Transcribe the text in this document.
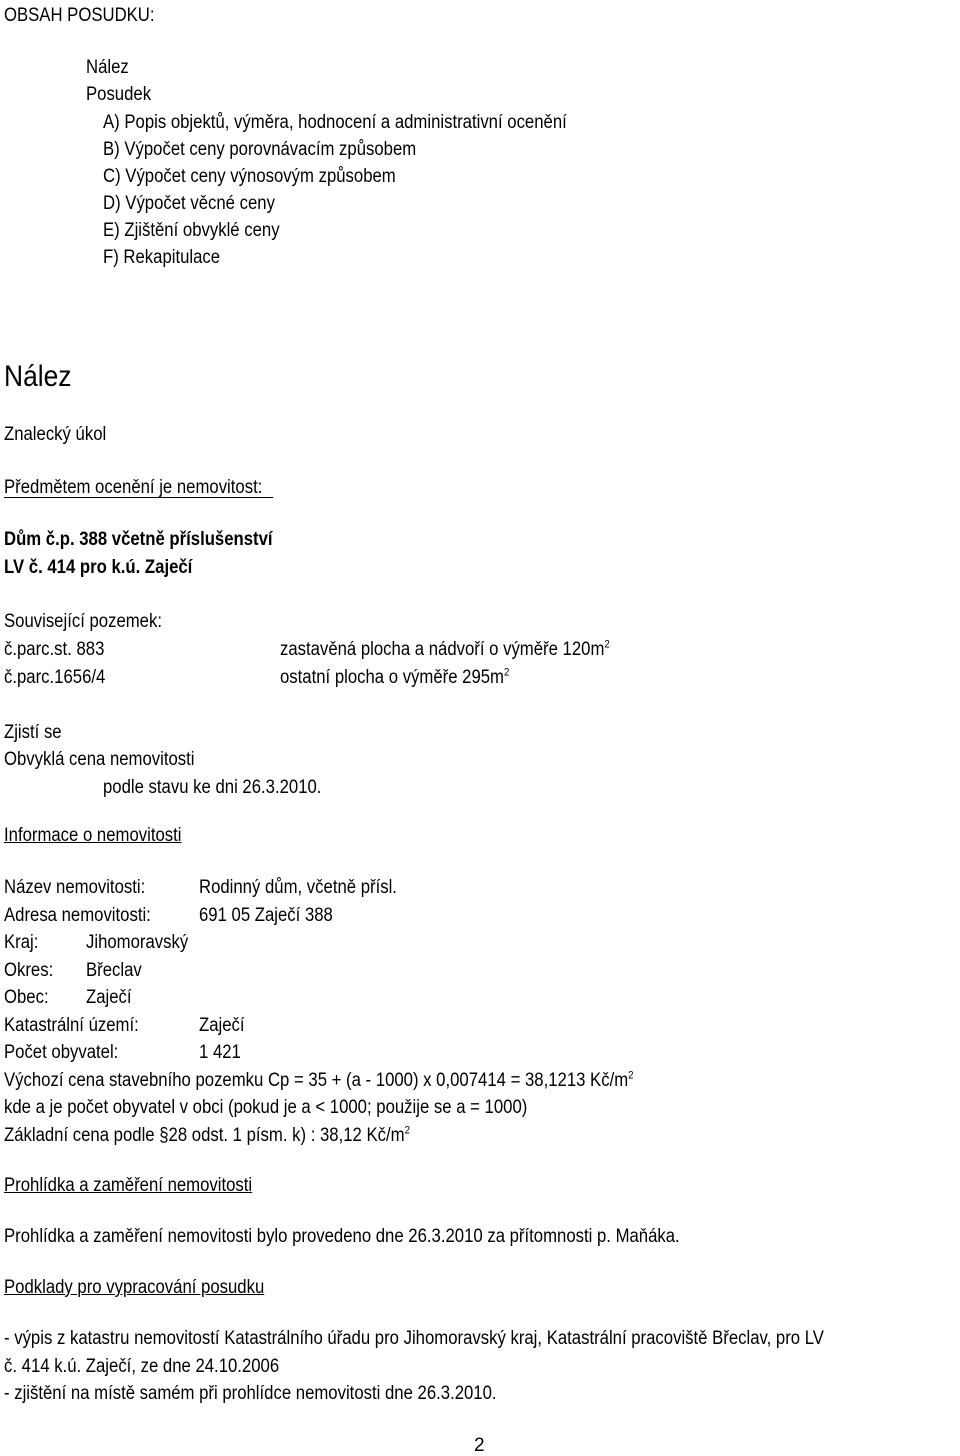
OBSAH POSUDKU:
Nález
Posudek
A) Popis objektů, výměra, hodnocení a administrativní ocenění
B) Výpočet ceny porovnávacím způsobem
C) Výpočet ceny výnosovým způsobem
D) Výpočet věcné ceny
E) Zjištění obvyklé ceny
F) Rekapitulace
Nález
Znalecký úkol
Předmětem ocenění je nemovitost:
Dům č.p. 388 včetně příslušenství
LV č. 414 pro k.ú. Zaječí
Související pozemek:
č.parc.st. 883	zastavěná plocha a nádvoří o výměře $120m^2$
č.parc.1656/4	ostatní plocha o výměře $295m^2$
Zjistí se
Obvyklá cena nemovitosti
podle stavu ke dni 26.3.2010.
Informace o nemovitosti
Název nemovitosti:	Rodinný dům, včetně přísl.
Adresa nemovitosti:	691 05 Zaječí 388
Kraj:	Jihomoravský
Okres: Břeclav
Obec: Zaječí
Katastrální území:	Zaječí
Počet obyvatel:	1 421
Výchozí cena stavebního pozemku Cp = 35 + (a - 1000) x 0,007414 = 38,1213 $Kč/m^2$
kde a je počet obyvatel v obci (pokud je a < 1000; použije se a = 1000)
Základní cena podle §28 odst. 1 písm. k) : 38,12 $Kč/m^2$
Prohlídka a zaměření nemovitosti
Prohlídka a zaměření nemovitosti bylo provedeno dne 26.3.2010 za přítomnosti p. Maňáka.
Podklady pro vypracování posudku
- výpis z katastru nemovitostí Katastrálního úřadu pro Jihomoravský kraj, Katastrální pracoviště Břeclav, pro LV
č. 414 k.ú. Zaječí, ze dne 24.10.2006
- zjištění na místě samém při prohlídce nemovitosti dne 26.3.2010.
2
